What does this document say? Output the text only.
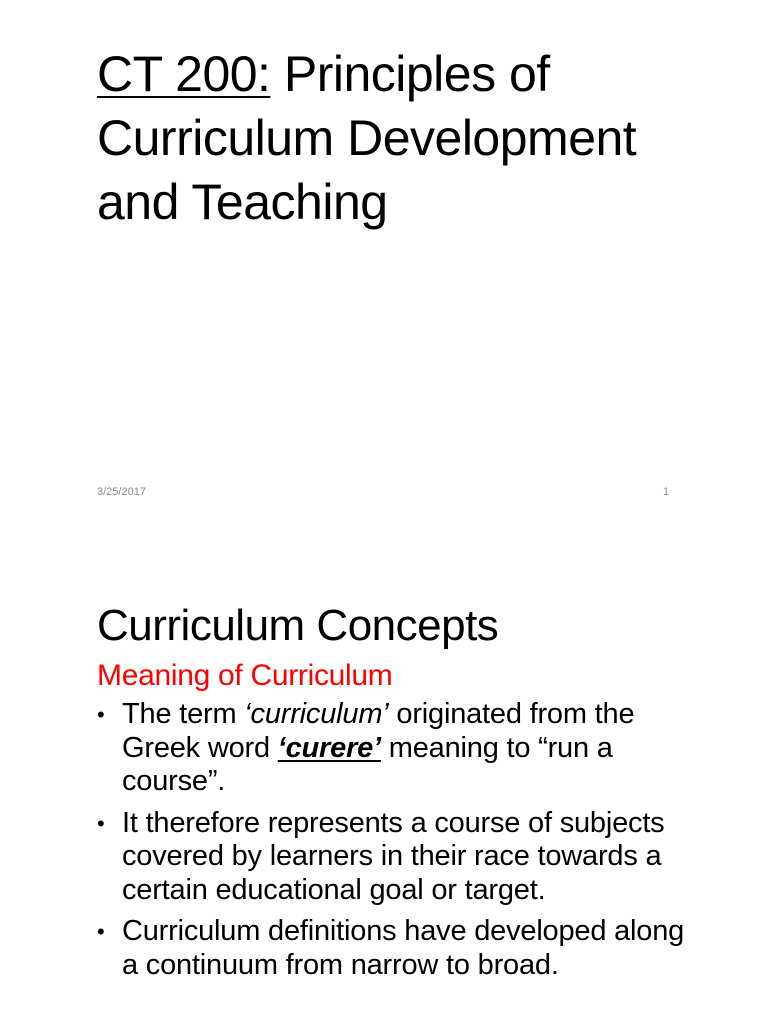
CT 200: Principles of Curriculum Development and Teaching
3/25/2017	1
Curriculum Concepts
Meaning of Curriculum
• The term ‘curriculum’ originated from the Greek word ‘curere’ meaning to “run a course”.
• It therefore represents a course of subjects covered by learners in their race towards a certain educational goal or target.
• Curriculum definitions have developed along a continuum from narrow to broad.
